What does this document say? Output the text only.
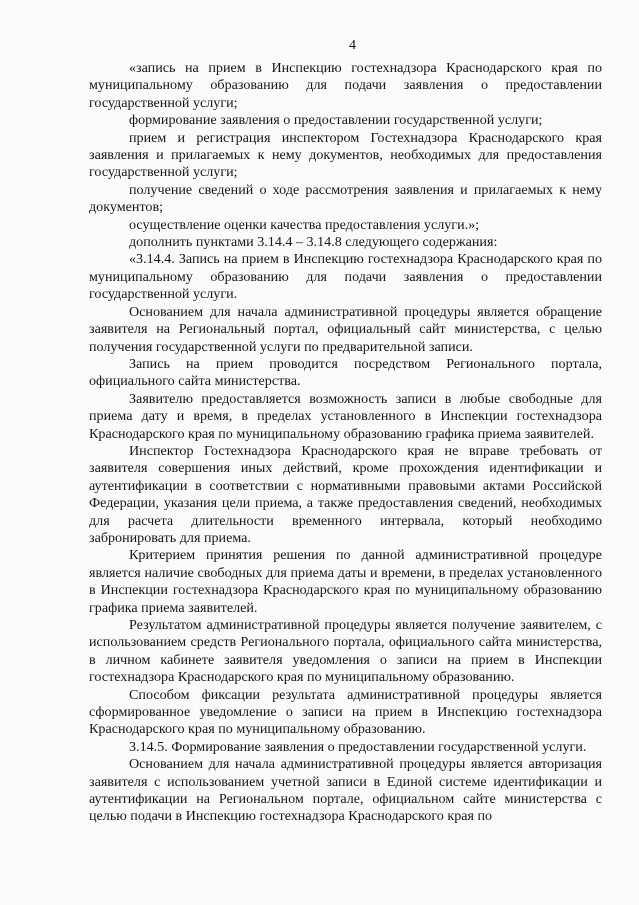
4

«запись на прием в Инспекцию гостехнадзора Краснодарского края по муниципальному образованию для подачи заявления о предоставлении государственной услуги;

формирование заявления о предоставлении государственной услуги;

прием и регистрация инспектором Гостехнадзора Краснодарского края заявления и прилагаемых к нему документов, необходимых для предоставления государственной услуги;

получение сведений о ходе рассмотрения заявления и прилагаемых к нему документов;

осуществление оценки качества предоставления услуги.»;

дополнить пунктами 3.14.4 – 3.14.8 следующего содержания:

«3.14.4. Запись на прием в Инспекцию гостехнадзора Краснодарского края по муниципальному образованию для подачи заявления о предоставлении государственной услуги.

Основанием для начала административной процедуры является обращение заявителя на Региональный портал, официальный сайт министерства, с целью получения государственной услуги по предварительной записи.

Запись на прием проводится посредством Регионального портала, официального сайта министерства.

Заявителю предоставляется возможность записи в любые свободные для приема дату и время, в пределах установленного в Инспекции гостехнадзора Краснодарского края по муниципальному образованию графика приема заявителей.

Инспектор Гостехнадзора Краснодарского края не вправе требовать от заявителя совершения иных действий, кроме прохождения идентификации и аутентификации в соответствии с нормативными правовыми актами Российской Федерации, указания цели приема, а также предоставления сведений, необходимых для расчета длительности временного интервала, который необходимо забронировать для приема.

Критерием принятия решения по данной административной процедуре является наличие свободных для приема даты и времени, в пределах установленного в Инспекции гостехнадзора Краснодарского края по муниципальному образованию графика приема заявителей.

Результатом административной процедуры является получение заявителем, с использованием средств Регионального портала, официального сайта министерства, в личном кабинете заявителя уведомления о записи на прием в Инспекции гостехнадзора Краснодарского края по муниципальному образованию.

Способом фиксации результата административной процедуры является сформированное уведомление о записи на прием в Инспекцию гостехнадзора Краснодарского края по муниципальному образованию.

3.14.5. Формирование заявления о предоставлении государственной услуги.

Основанием для начала административной процедуры является авторизация заявителя с использованием учетной записи в Единой системе идентификации и аутентификации на Региональном портале, официальном сайте министерства с целью подачи в Инспекцию гостехнадзора Краснодарского края по
